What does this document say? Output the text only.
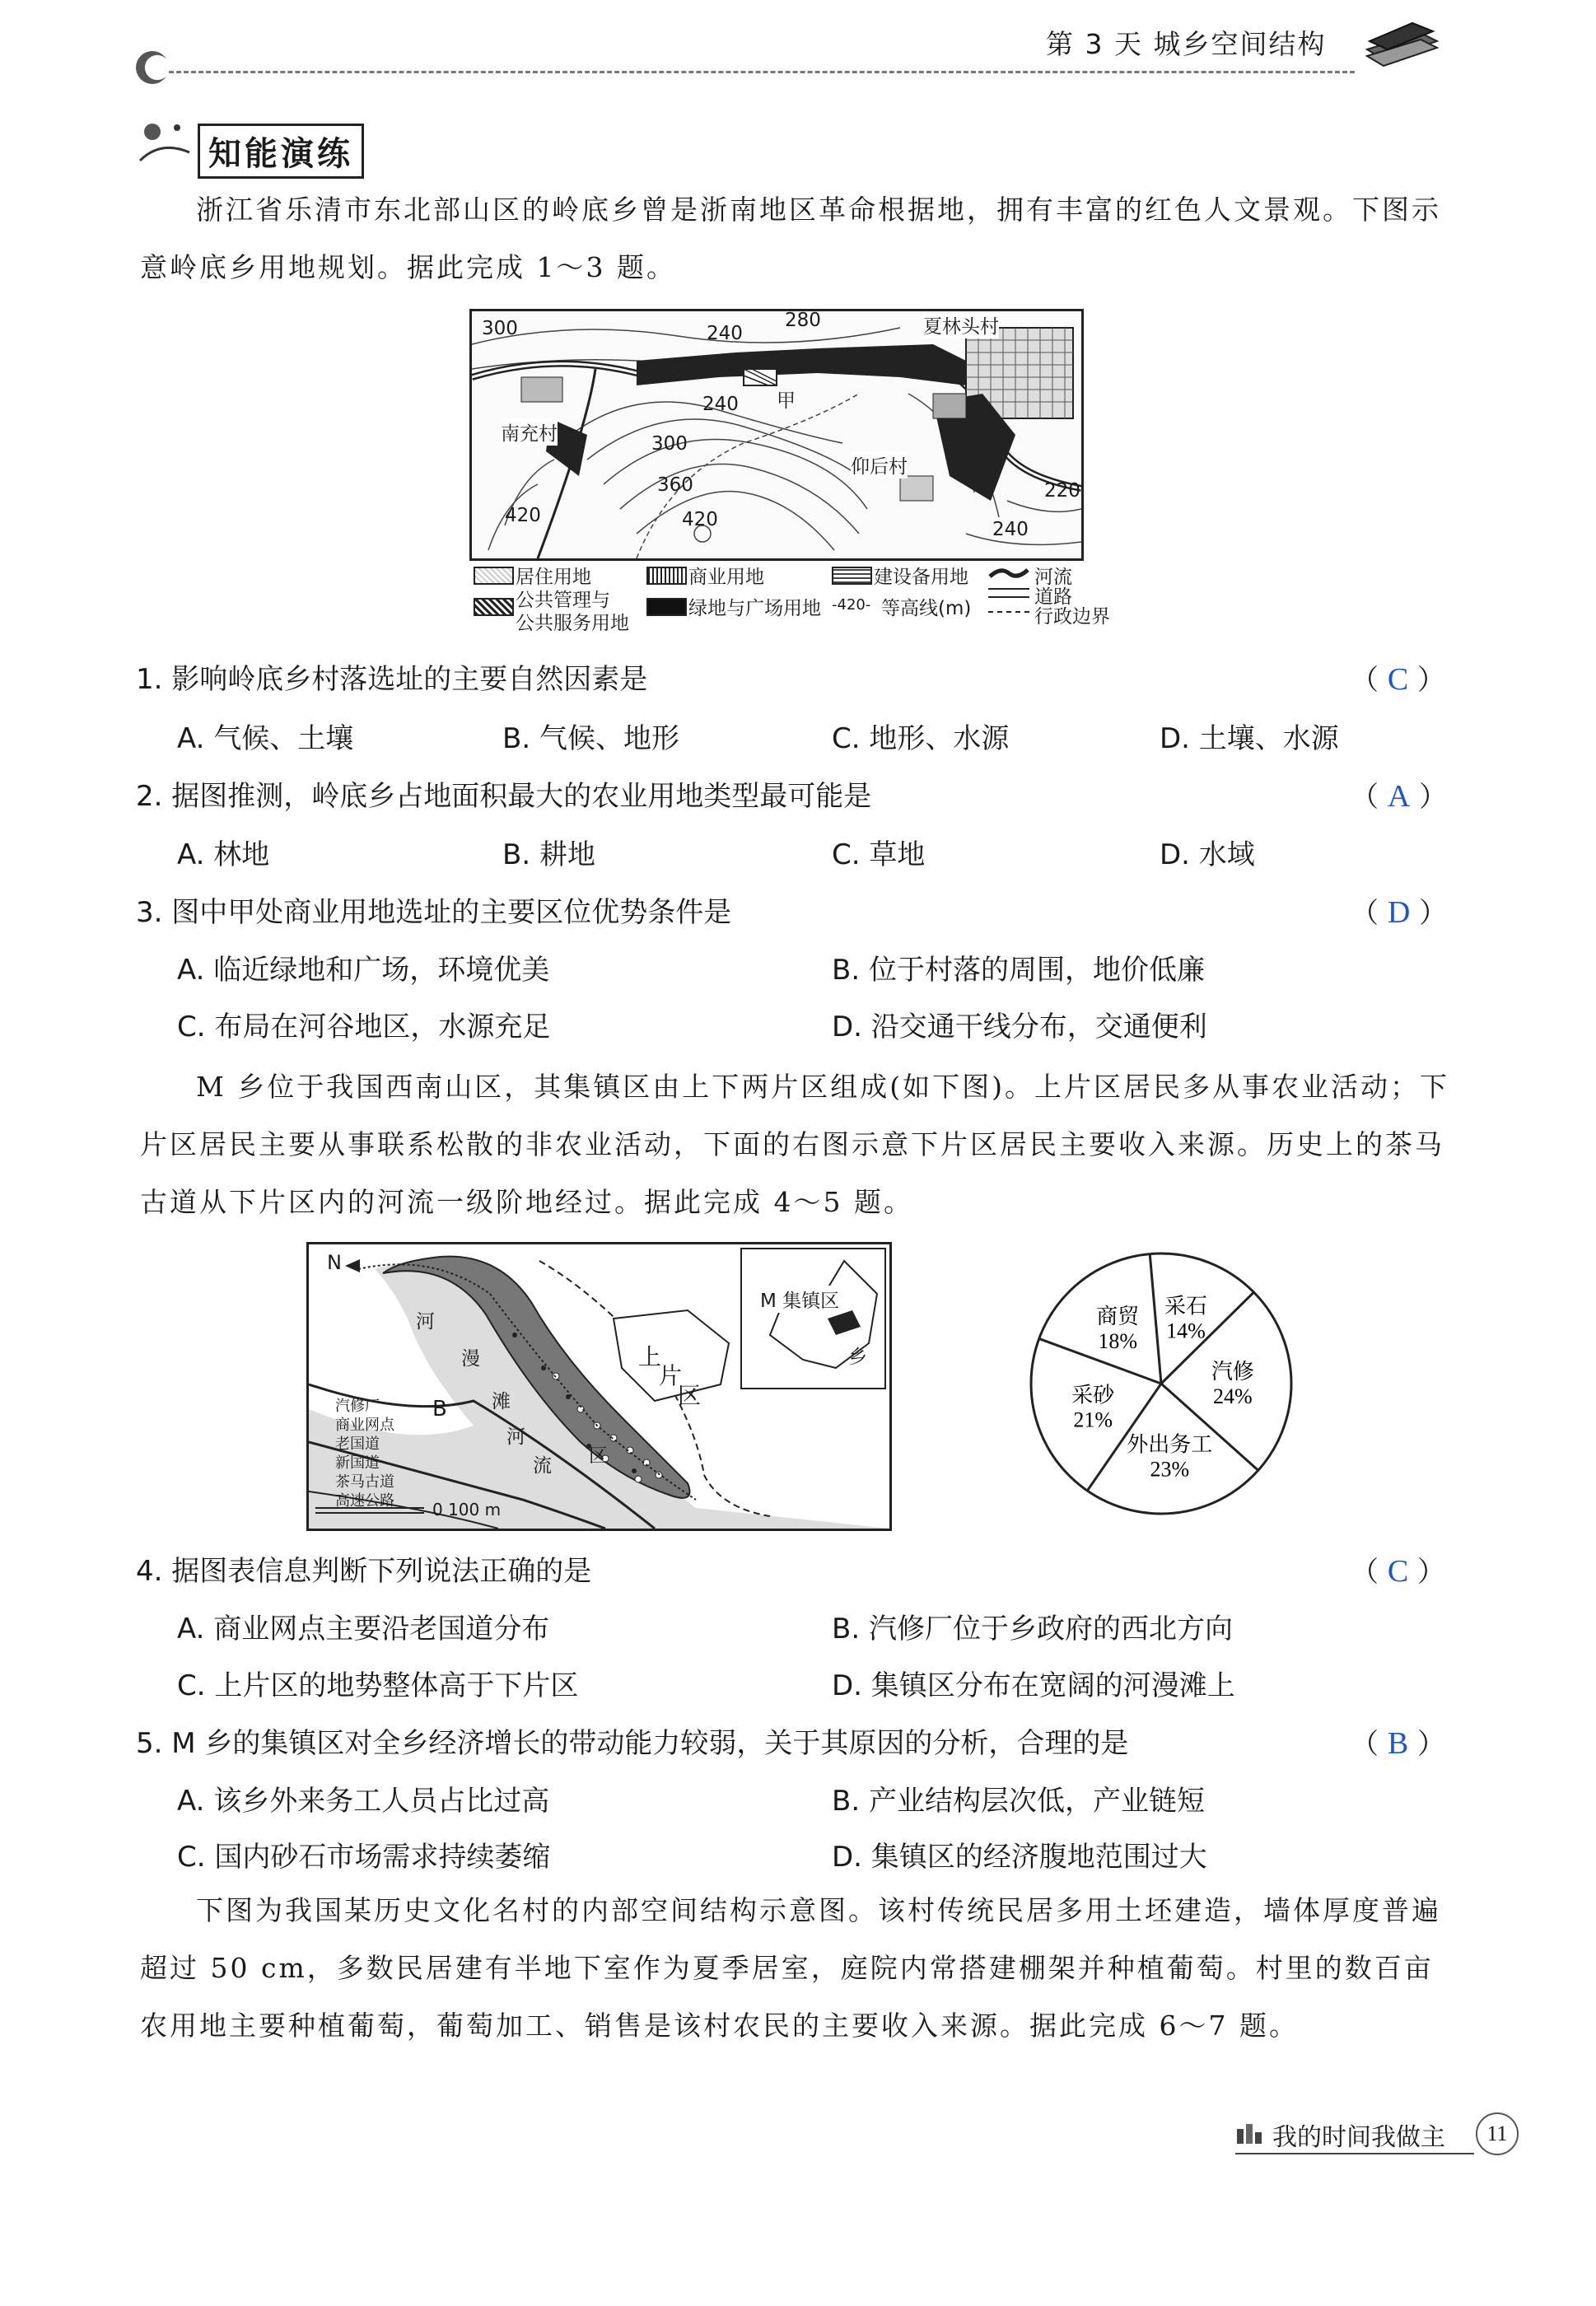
第 3 天 城乡空间结构
知能演练
浙江省乐清市东北部山区的岭底乡曾是浙南地区革命根据地，拥有丰富的红色人文景观。下图示意岭底乡用地规划。据此完成 1～3 题。
300	280
240	夏林头村
240 甲
南充村	300
仰后村
360	220
420	420	240
居住用地	商业用地	建设备用地	河流
公共管理与
公共服务用地
绿地与广场用地 -420- 等高线(m)
道路
行政边界
1. 影响岭底乡村落选址的主要自然因素是	（ C ）
A. 气候、土壤	B. 气候、地形	C. 地形、水源	D. 土壤、水源
2. 据图推测，岭底乡占地面积最大的农业用地类型最可能是	（ A ）
A. 林地	B. 耕地	C. 草地	D. 水域
3. 图中甲处商业用地选址的主要区位优势条件是	（ D ）
A. 临近绿地和广场，环境优美	B. 位于村落的周围，地价低廉
C. 布局在河谷地区，水源充足	D. 沿交通干线分布，交通便利
M 乡位于我国西南山区，其集镇区由上下两片区组成(如下图)。上片区居民多从事农业活动；下片区居民主要从事联系松散的非农业活动，下面的右图示意下片区居民主要收入来源。历史上的茶马古道从下片区内的河流一级阶地经过。据此完成 4～5 题。
N
河
漫
滩
河
流 区
B
上
片
区
M 集镇区
乡
汽修厂
商业网点
老国道
新国道
茶马古道
高速公路	0 100 m
采石
14%
汽修
24%
外出务工
23%
采砂
21%
商贸
18%
4. 据图表信息判断下列说法正确的是	（ C ）
A. 商业网点主要沿老国道分布	B. 汽修厂位于乡政府的西北方向
C. 上片区的地势整体高于下片区	D. 集镇区分布在宽阔的河漫滩上
5. M 乡的集镇区对全乡经济增长的带动能力较弱，关于其原因的分析，合理的是	（ B ）
A. 该乡外来务工人员占比过高	B. 产业结构层次低，产业链短
C. 国内砂石市场需求持续萎缩	D. 集镇区的经济腹地范围过大
下图为我国某历史文化名村的内部空间结构示意图。该村传统民居多用土坯建造，墙体厚度普遍超过 50 cm，多数民居建有半地下室作为夏季居室，庭院内常搭建棚架并种植葡萄。村里的数百亩农用地主要种植葡萄，葡萄加工、销售是该村农民的主要收入来源。据此完成 6～7 题。
我的时间我做主	11
